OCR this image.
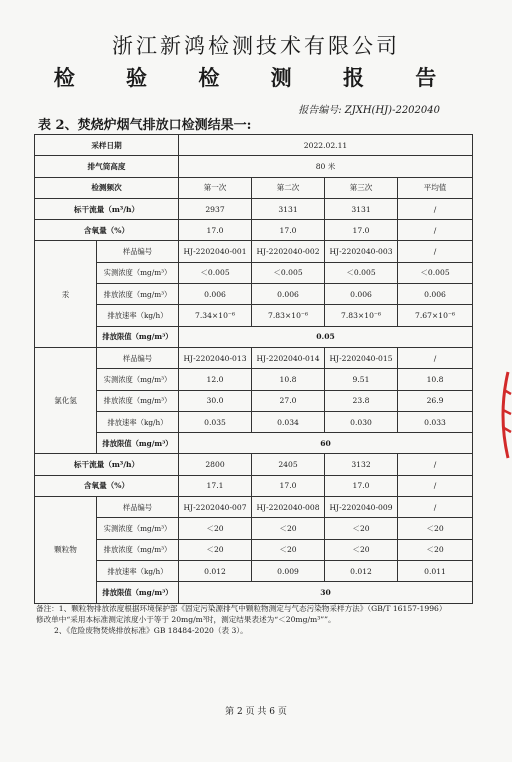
浙江新鸿检测技术有限公司
检 验 检 测 报 告
报告编号: ZJXH(HJ)-2202040
表 2、焚烧炉烟气排放口检测结果一:
采样日期		2022.02.11			
排气筒高度		80 米			
检测频次		第一次	第二次	第三次	平均值
标干流量（m³/h）		2937	3131	3131	/
含氧量（%）		17.0	17.0	17.0	/
汞	样品编号	HJ-2202040-001	HJ-2202040-002	HJ-2202040-003	/
	实测浓度（mg/m³）	＜0.005	＜0.005	＜0.005	＜0.005
	排放浓度（mg/m³）	0.006	0.006	0.006	0.006
	排放速率（kg/h）	7.34×10⁻⁶	7.83×10⁻⁶	7.83×10⁻⁶	7.67×10⁻⁶
	排放限值（mg/m³）	0.05			
氯化氢	样品编号	HJ-2202040-013	HJ-2202040-014	HJ-2202040-015	/
	实测浓度（mg/m³）	12.0	10.8	9.51	10.8
	排放浓度（mg/m³）	30.0	27.0	23.8	26.9
	排放速率（kg/h）	0.035	0.034	0.030	0.033
	排放限值（mg/m³）	60			
标干流量（m³/h）		2800	2405	3132	/
含氧量（%）		17.1	17.0	17.0	/
颗粒物	样品编号	HJ-2202040-007	HJ-2202040-008	HJ-2202040-009	/
	实测浓度（mg/m³）	＜20	＜20	＜20	＜20
	排放浓度（mg/m³）	＜20	＜20	＜20	＜20
	排放速率（kg/h）	0.012	0.009	0.012	0.011
	排放限值（mg/m³）	30			
备注：1、颗粒物排放浓度根据环境保护部《固定污染源排气中颗粒物测定与气态污染物采样方法》（GB/T 16157-1996）
修改单中“采用本标准测定浓度小于等于 20mg/m³时，测定结果表述为“＜20mg/m³””。
2、《危险废物焚烧排放标准》GB 18484-2020（表 3）。
第 2 页 共 6 页
